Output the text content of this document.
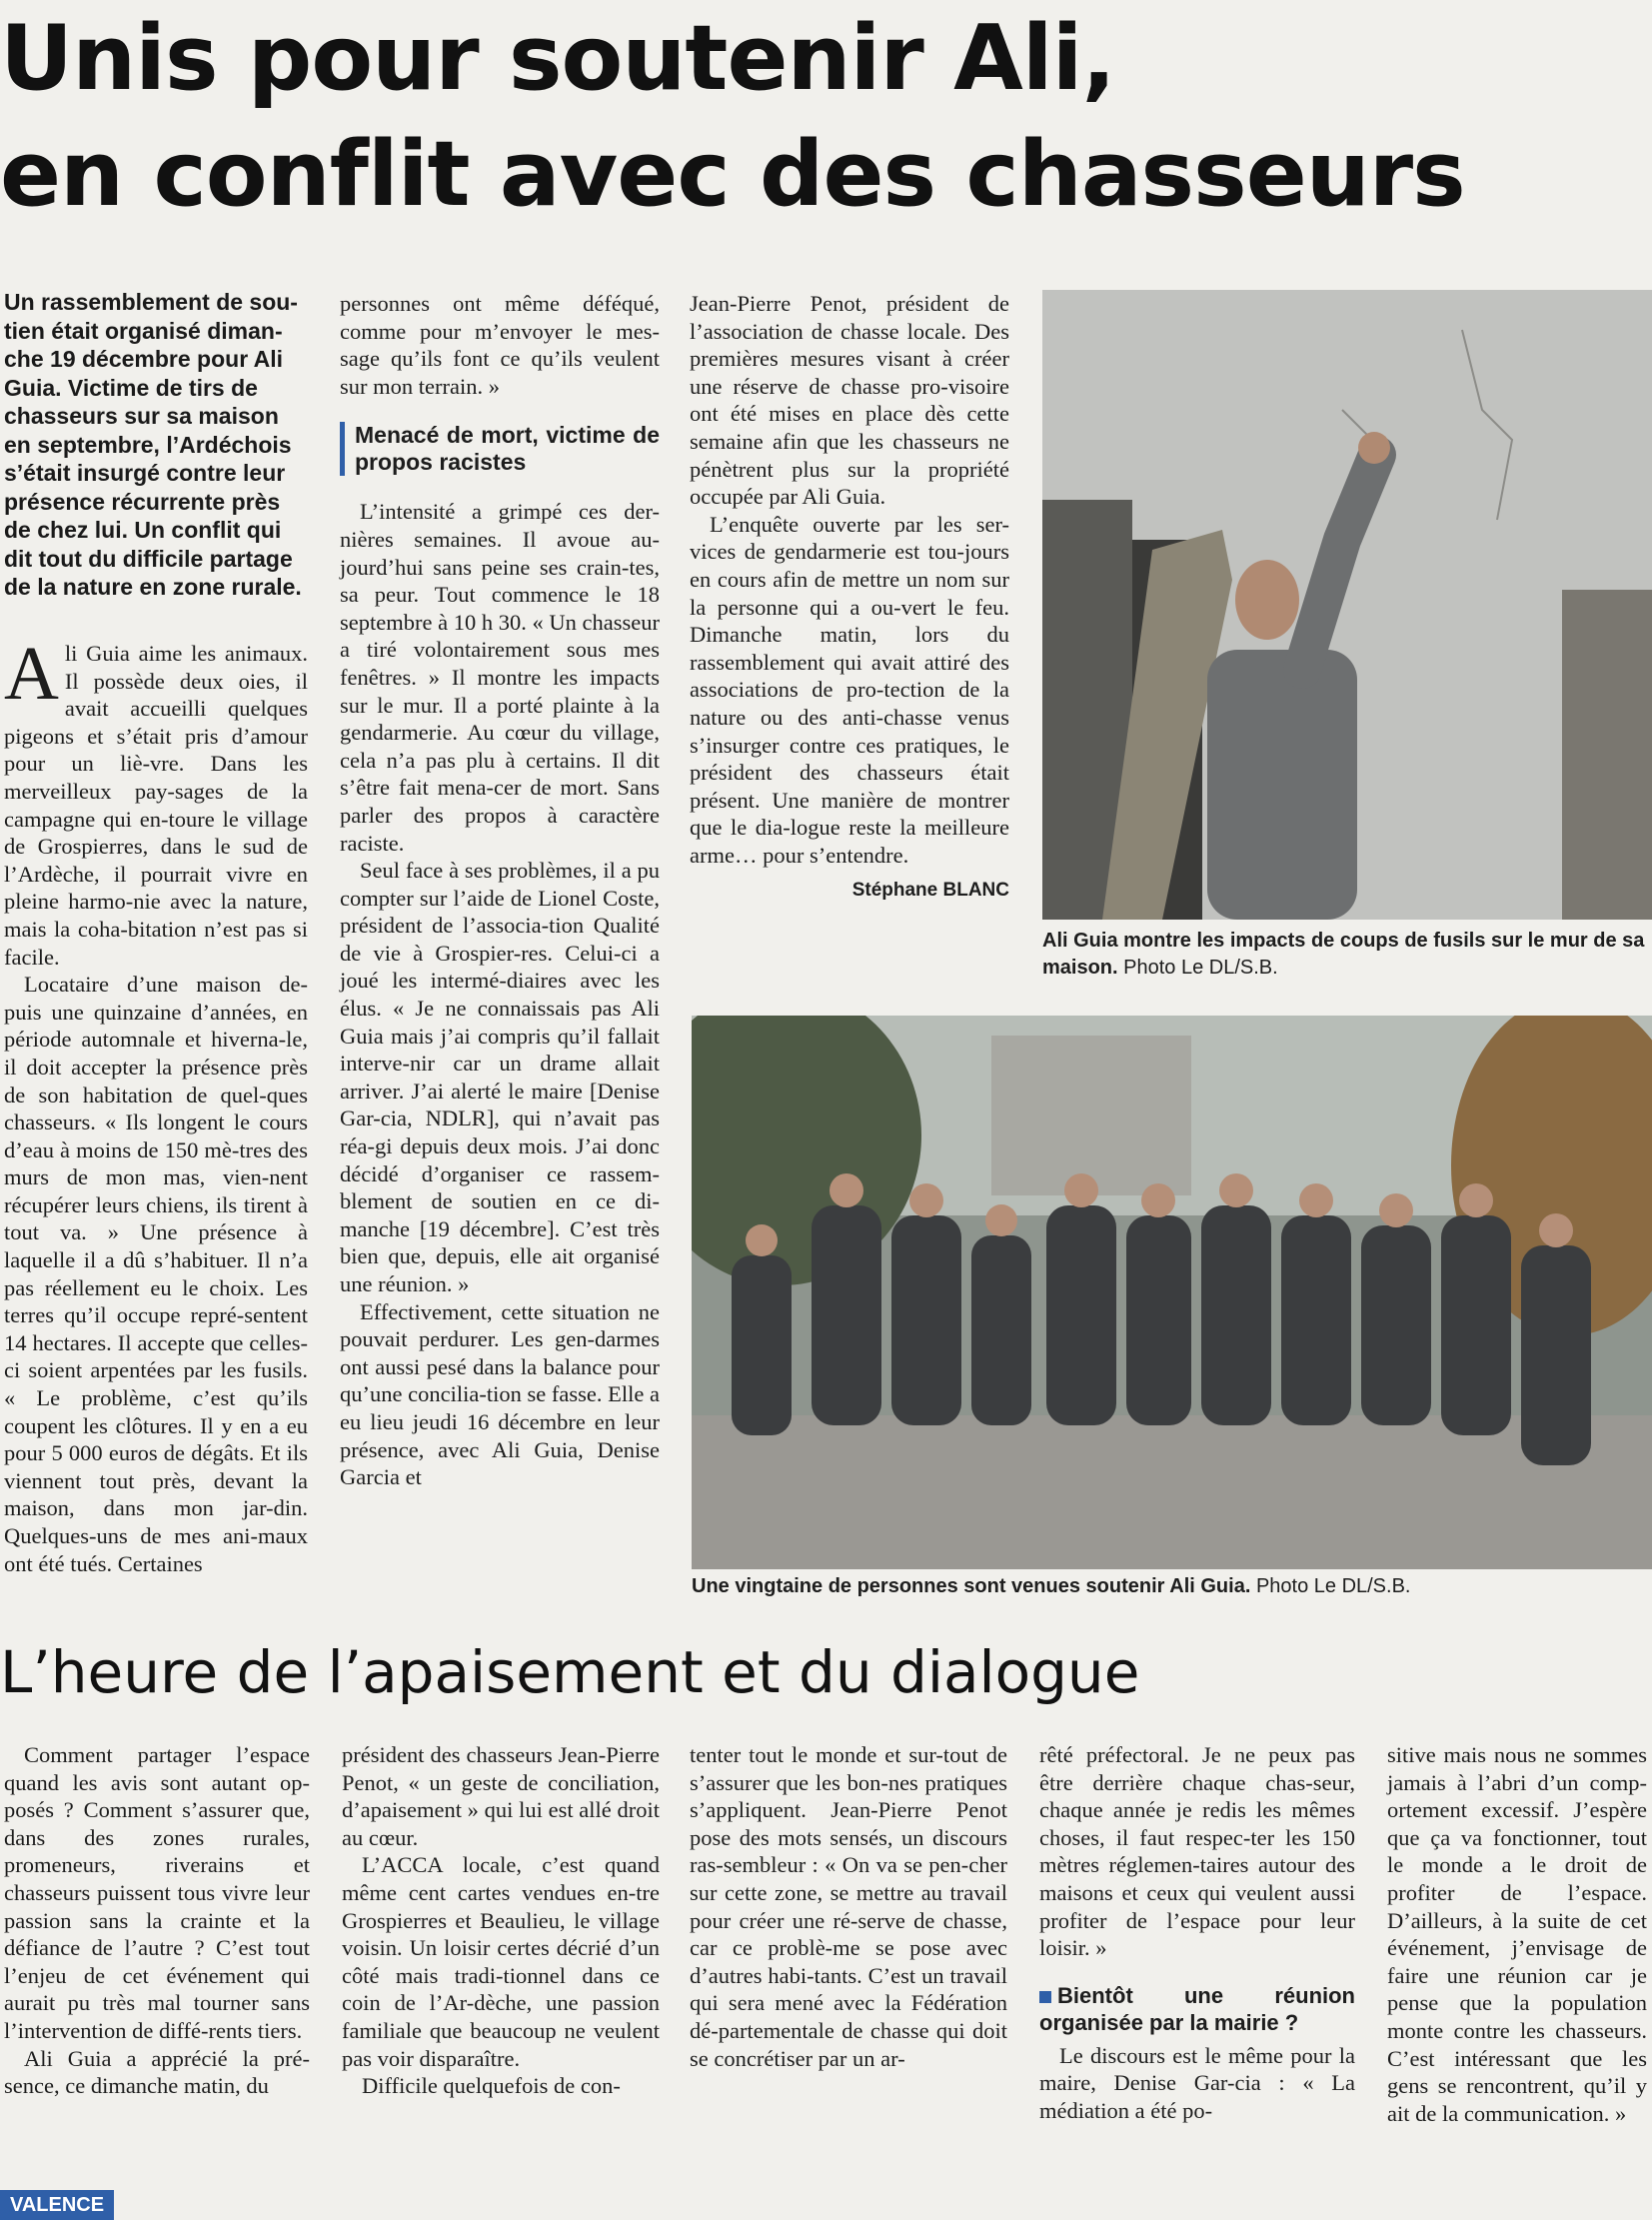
Unis pour soutenir Ali,
en conflit avec des chasseurs
Un rassemblement de sou-tien était organisé diman-che 19 décembre pour Ali Guia. Victime de tirs de chasseurs sur sa maison en septembre, l’Ardéchois s’était insurgé contre leur présence récurrente près de chez lui. Un conflit qui dit tout du difficile partage de la nature en zone rurale.

Ali Guia aime les animaux. Il possède deux oies, il avait accueilli quelques pigeons et s’était pris d’amour pour un liè-vre. Dans les merveilleux pay-sages de la campagne qui en-toure le village de Grospierres, dans le sud de l’Ardèche, il pourrait vivre en pleine harmo-nie avec la nature, mais la coha-bitation n’est pas si facile.

Locataire d’une maison de-puis une quinzaine d’années, en période automnale et hiverna-le, il doit accepter la présence près de son habitation de quel-ques chasseurs. « Ils longent le cours d’eau à moins de 150 mè-tres des murs de mon mas, vien-nent récupérer leurs chiens, ils tirent à tout va. » Une présence à laquelle il a dû s’habituer. Il n’a pas réellement eu le choix. Les terres qu’il occupe repré-sentent 14 hectares. Il accepte que celles-ci soient arpentées par les fusils. « Le problème, c’est qu’ils coupent les clôtures. Il y en a eu pour 5 000 euros de dégâts. Et ils viennent tout près, devant la maison, dans mon jar-din. Quelques-uns de mes ani-maux ont été tués. Certaines

personnes ont même déféqué, comme pour m’envoyer le mes-sage qu’ils font ce qu’ils veulent sur mon terrain. »

Menacé de mort, victime de propos racistes

L’intensité a grimpé ces der-nières semaines. Il avoue au-jourd’hui sans peine ses crain-tes, sa peur. Tout commence le 18 septembre à 10 h 30. « Un chasseur a tiré volontairement sous mes fenêtres. » Il montre les impacts sur le mur. Il a porté plainte à la gendarmerie. Au cœur du village, cela n’a pas plu à certains. Il dit s’être fait mena-cer de mort. Sans parler des propos à caractère raciste.

Seul face à ses problèmes, il a pu compter sur l’aide de Lionel Coste, président de l’associa-tion Qualité de vie à Grospier-res. Celui-ci a joué les intermé-diaires avec les élus. « Je ne connaissais pas Ali Guia mais j’ai compris qu’il fallait interve-nir car un drame allait arriver. J’ai alerté le maire [Denise Gar-cia, NDLR], qui n’avait pas réa-gi depuis deux mois. J’ai donc décidé d’organiser ce rassem-blement de soutien en ce di-manche [19 décembre]. C’est très bien que, depuis, elle ait organisé une réunion. »

Effectivement, cette situation ne pouvait perdurer. Les gen-darmes ont aussi pesé dans la balance pour qu’une concilia-tion se fasse. Elle a eu lieu jeudi 16 décembre en leur présence, avec Ali Guia, Denise Garcia et

Jean-Pierre Penot, président de l’association de chasse locale. Des premières mesures visant à créer une réserve de chasse pro-visoire ont été mises en place dès cette semaine afin que les chasseurs ne pénètrent plus sur la propriété occupée par Ali Guia.

L’enquête ouverte par les ser-vices de gendarmerie est tou-jours en cours afin de mettre un nom sur la personne qui a ou-vert le feu. Dimanche matin, lors du rassemblement qui avait attiré des associations de pro-tection de la nature ou des anti-chasse venus s’insurger contre ces pratiques, le président des chasseurs était présent. Une manière de montrer que le dia-logue reste la meilleure arme… pour s’entendre.

Stéphane BLANC
Ali Guia montre les impacts de coups de fusils sur le mur de sa maison. Photo Le DL/S.B.
Une vingtaine de personnes sont venues soutenir Ali Guia. Photo Le DL/S.B.
L’heure de l’apaisement et du dialogue

Comment partager l’espace quand les avis sont autant op-posés ? Comment s’assurer que, dans des zones rurales, promeneurs, riverains et chasseurs puissent tous vivre leur passion sans la crainte et la défiance de l’autre ? C’est tout l’enjeu de cet événement qui aurait pu très mal tourner sans l’intervention de diffé-rents tiers.

Ali Guia a apprécié la pré-sence, ce dimanche matin, du

président des chasseurs Jean-Pierre Penot, « un geste de conciliation, d’apaisement » qui lui est allé droit au cœur.

L’ACCA locale, c’est quand même cent cartes vendues en-tre Grospierres et Beaulieu, le village voisin. Un loisir certes décrié d’un côté mais tradi-tionnel dans ce coin de l’Ar-dèche, une passion familiale que beaucoup ne veulent pas voir disparaître.

Difficile quelquefois de con-

tenter tout le monde et sur-tout de s’assurer que les bon-nes pratiques s’appliquent. Jean-Pierre Penot pose des mots sensés, un discours ras-sembleur : « On va se pen-cher sur cette zone, se mettre au travail pour créer une ré-serve de chasse, car ce problè-me se pose avec d’autres habi-tants. C’est un travail qui sera mené avec la Fédération dé-partementale de chasse qui doit se concrétiser par un ar-

rêté préfectoral. Je ne peux pas être derrière chaque chas-seur, chaque année je redis les mêmes choses, il faut respec-ter les 150 mètres réglemen-taires autour des maisons et ceux qui veulent aussi profiter de l’espace pour leur loisir. »

Bientôt une réunion organisée par la mairie ?

Le discours est le même pour la maire, Denise Gar-cia : « La médiation a été po-

sitive mais nous ne sommes jamais à l’abri d’un comp-ortement excessif. J’espère que ça va fonctionner, tout le monde a le droit de profiter de l’espace. D’ailleurs, à la suite de cet événement, j’envisage de faire une réunion car je pense que la population monte contre les chasseurs. C’est intéressant que les gens se rencontrent, qu’il y ait de la communication. »

VALENCE
